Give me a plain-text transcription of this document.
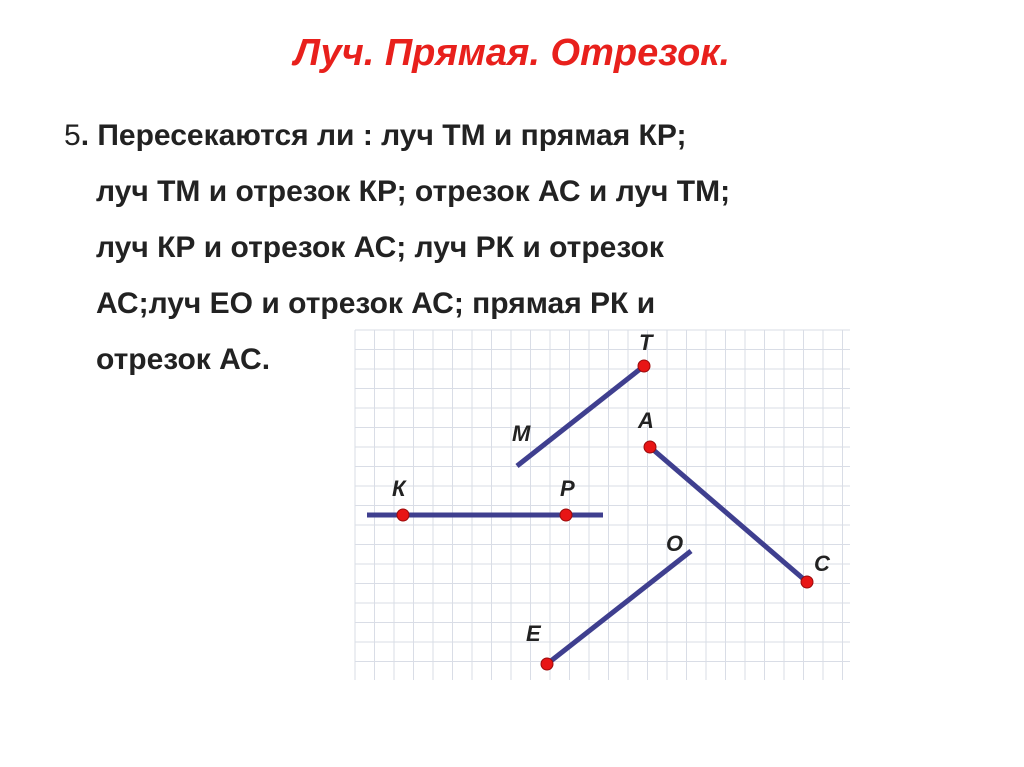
Луч. Прямая. Отрезок.
5. Пересекаются ли : луч ТМ и прямая КР;
луч ТМ и отрезок КР; отрезок АС и луч ТМ;
луч КР и отрезок АС; луч РК и отрезок
АС;луч ЕО и отрезок АС; прямая РК и
отрезок АС.
Т
М
А
К	Р
О
С
Е
